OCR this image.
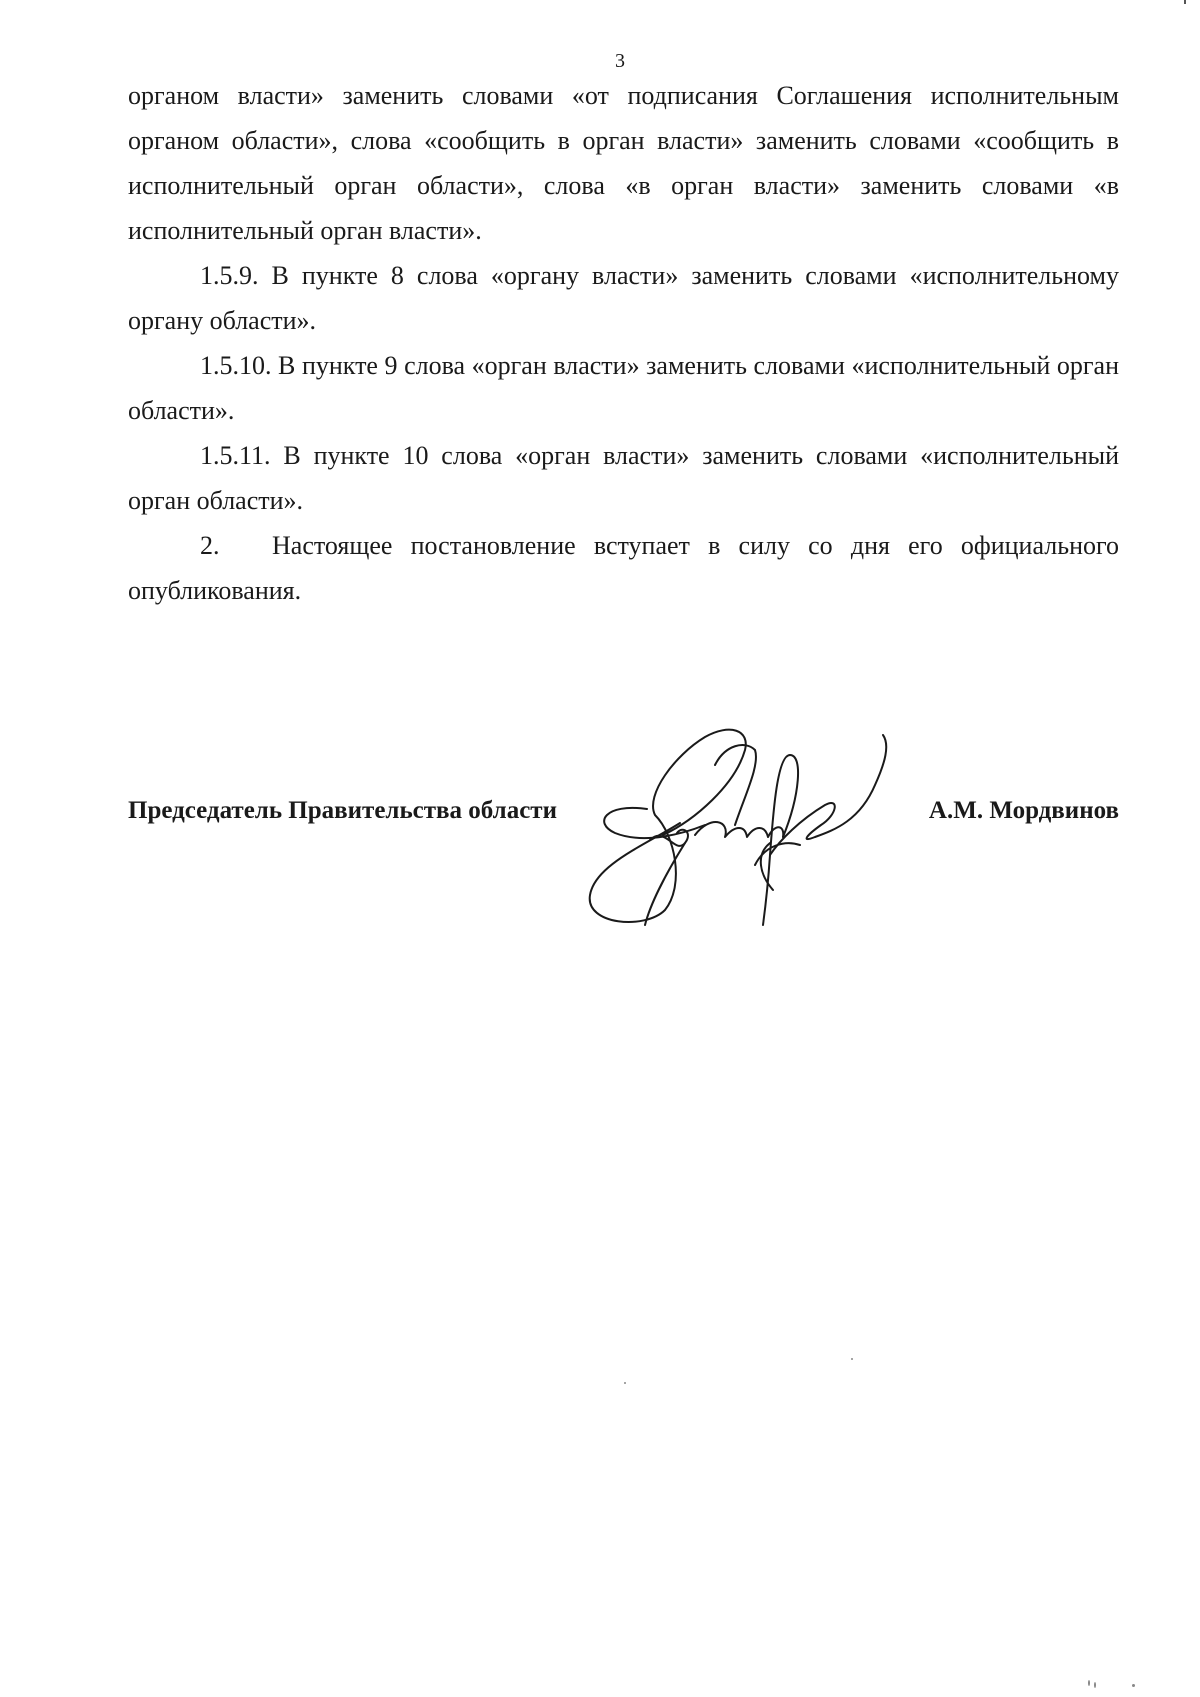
3

органом власти» заменить словами «от подписания Соглашения исполнительным органом области», слова «сообщить в орган власти» заменить словами «сообщить в исполнительный орган области», слова «в орган власти» заменить словами «в исполнительный орган власти».

1.5.9. В пункте 8 слова «органу власти» заменить словами «исполнительному органу области».

1.5.10. В пункте 9 слова «орган власти» заменить словами «исполнительный орган области».

1.5.11. В пункте 10 слова «орган власти» заменить словами «исполнительный орган области».

2. Настоящее постановление вступает в силу со дня его официального опубликования.

Председатель Правительства области	А.М. Мордвинов
